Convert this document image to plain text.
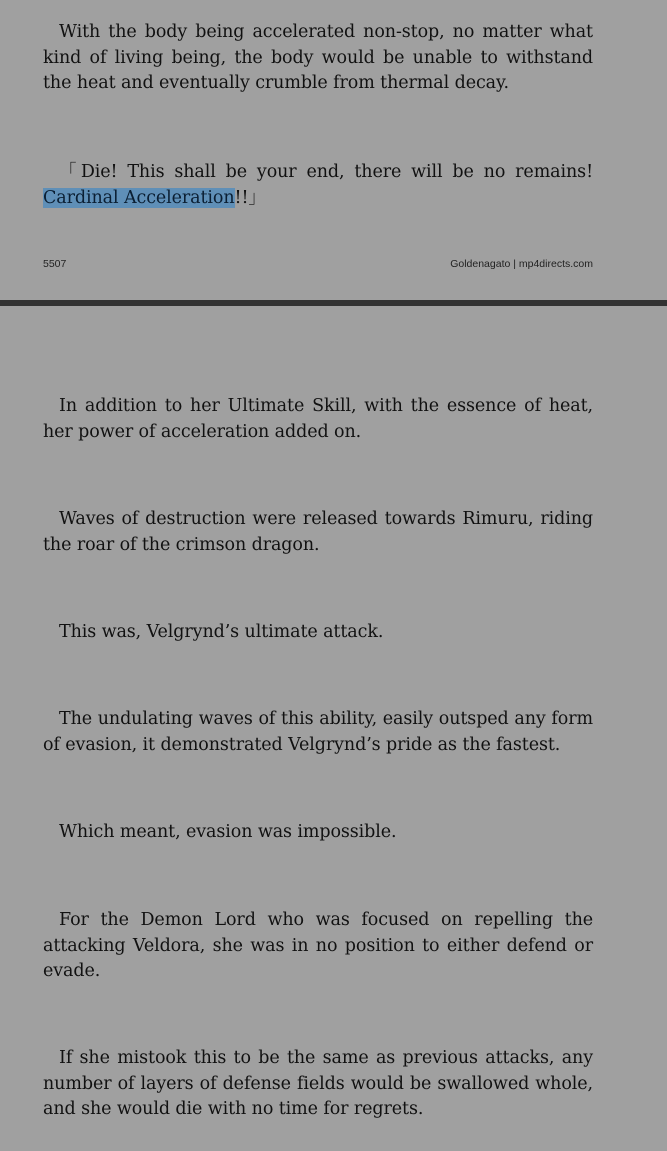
With the body being accelerated non-stop, no matter what kind of living being, the body would be unable to withstand the heat and eventually crumble from thermal decay.

「Die! This shall be your end, there will be no remains! Cardinal Acceleration!!」

5507	Goldenagato | mp4directs.com

In addition to her Ultimate Skill, with the essence of heat, her power of acceleration added on.

Waves of destruction were released towards Rimuru, riding the roar of the crimson dragon.

This was, Velgrynd’s ultimate attack.

The undulating waves of this ability, easily outsped any form of evasion, it demonstrated Velgrynd’s pride as the fastest.

Which meant, evasion was impossible.

For the Demon Lord who was focused on repelling the attacking Veldora, she was in no position to either defend or evade.

If she mistook this to be the same as previous attacks, any number of layers of defense fields would be swallowed whole, and she would die with no time for regrets.
